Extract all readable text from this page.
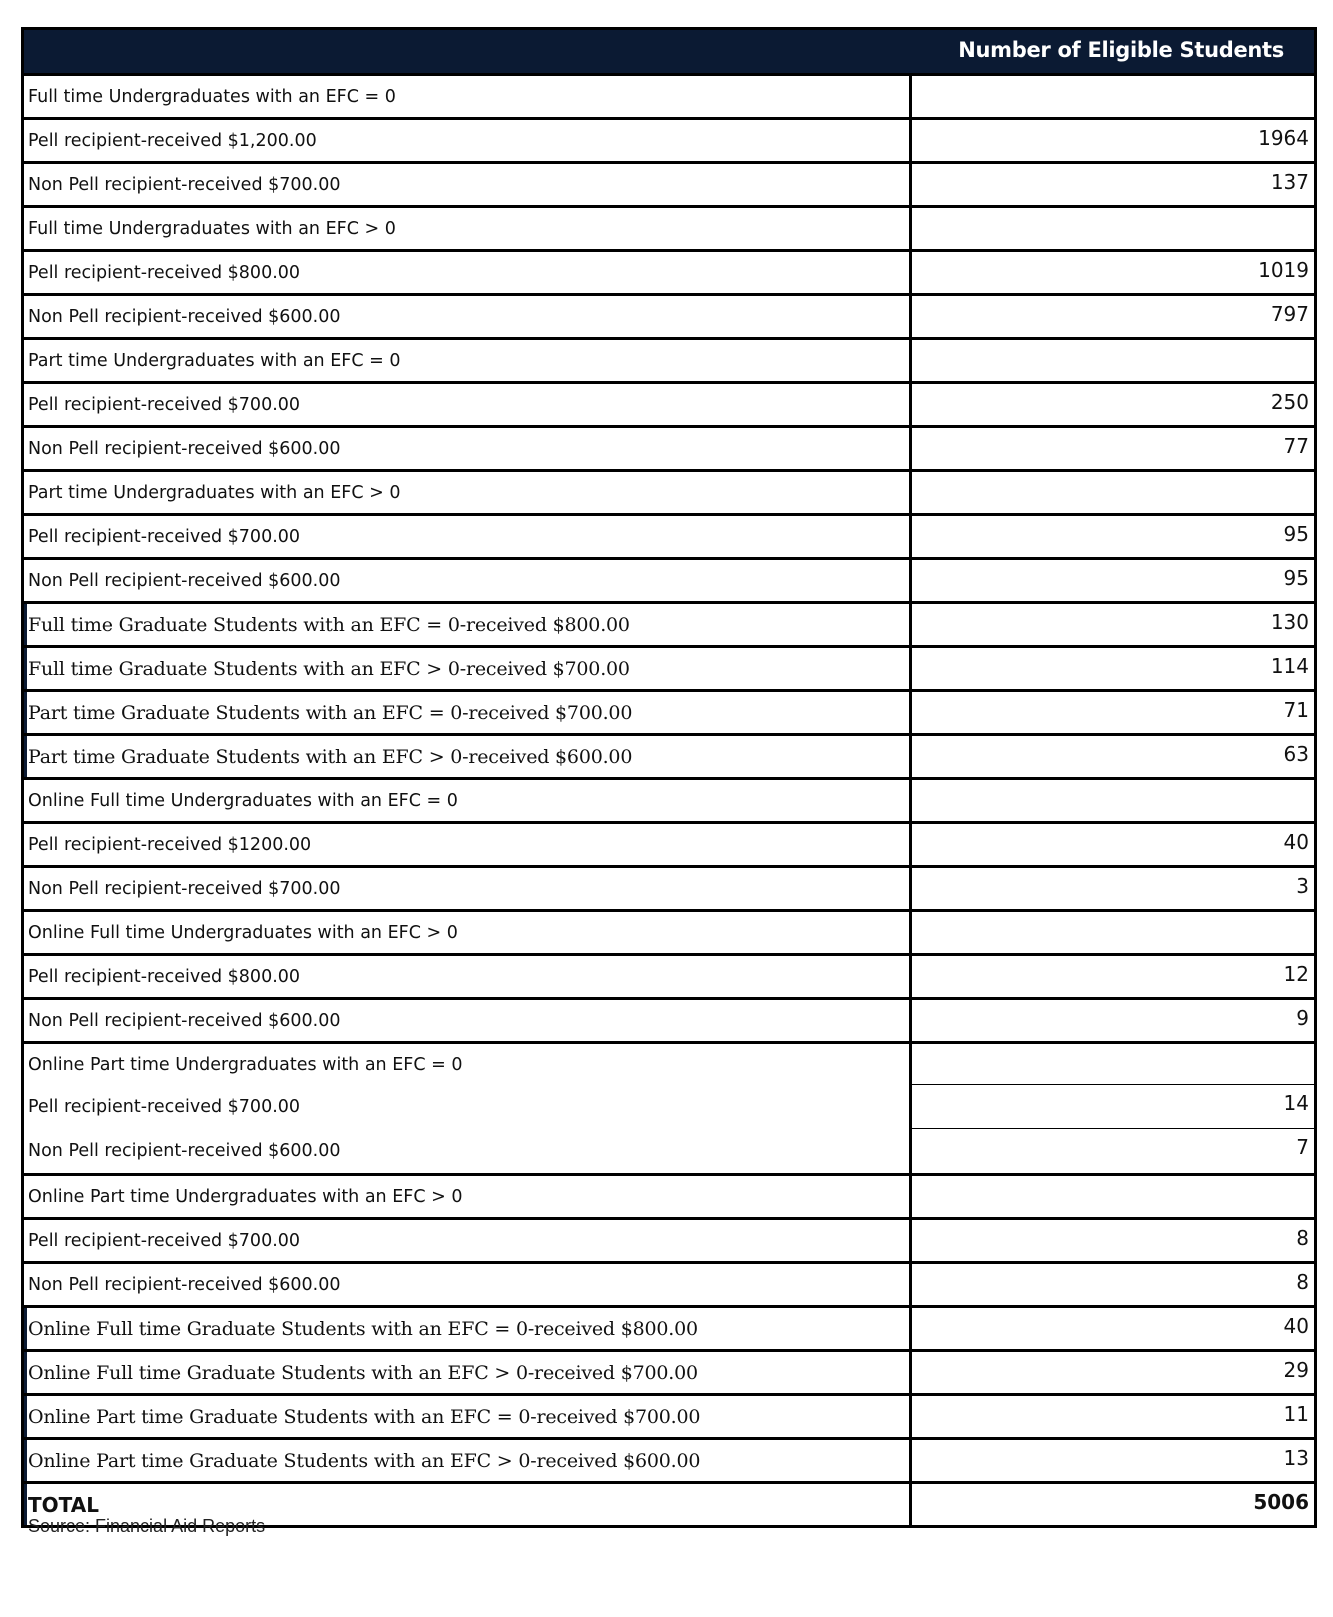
Number of Eligible Students
Full time Undergraduates with an EFC = 0
Pell recipient-received $1,200.00	1964
Non Pell recipient-received $700.00	137
Full time Undergraduates with an EFC > 0
Pell recipient-received $800.00	1019
Non Pell recipient-received $600.00	797
Part time Undergraduates with an EFC = 0
Pell recipient-received $700.00	250
Non Pell recipient-received $600.00	77
Part time Undergraduates with an EFC > 0
Pell recipient-received $700.00	95
Non Pell recipient-received $600.00	95
Full time Graduate Students with an EFC = 0-received $800.00	130
Full time Graduate Students with an EFC > 0-received $700.00	114
Part time Graduate Students with an EFC = 0-received $700.00	71
Part time Graduate Students with an EFC > 0-received $600.00	63
Online Full time Undergraduates with an EFC = 0
Pell recipient-received $1200.00	40
Non Pell recipient-received $700.00	3
Online Full time Undergraduates with an EFC > 0
Pell recipient-received $800.00	12
Non Pell recipient-received $600.00	9
Online Part time Undergraduates with an EFC = 0
Pell recipient-received $700.00	14
Non Pell recipient-received $600.00	7
Online Part time Undergraduates with an EFC > 0
Pell recipient-received $700.00	8
Non Pell recipient-received $600.00	8
Online Full time Graduate Students with an EFC = 0-received $800.00	40
Online Full time Graduate Students with an EFC > 0-received $700.00	29
Online Part time Graduate Students with an EFC = 0-received $700.00	11
Online Part time Graduate Students with an EFC > 0-received $600.00	13
TOTAL	5006
Source: Financial Aid Reports
